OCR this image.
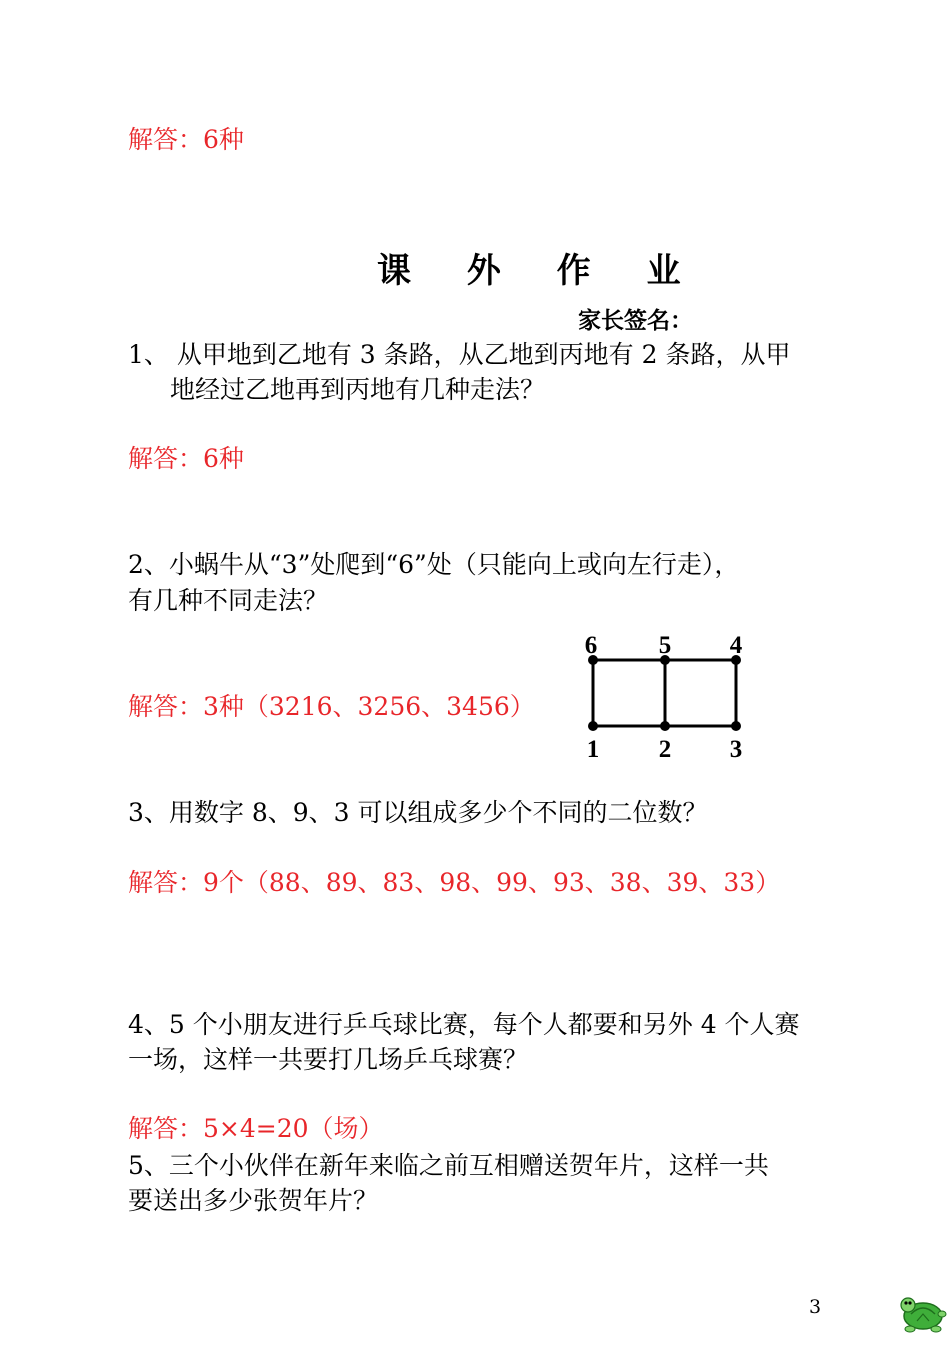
解答：6种
课 外 作 业
家长签名：
1、 从甲地到乙地有 3 条路，从乙地到丙地有 2 条路，从甲
地经过乙地再到丙地有几种走法？
解答：6种
2、小蜗牛从“3”处爬到“6”处（只能向上或向左行走），
有几种不同走法？
解答：3种（3216、3256、3456）
6 5 4
1 2 3
3、用数字 8、9、3 可以组成多少个不同的二位数？
解答：9个（88、89、83、98、99、93、38、39、33）
4、5 个小朋友进行乒乓球比赛，每个人都要和另外 4 个人赛
一场，这样一共要打几场乒乓球赛？
解答：5×4=20（场）
5、三个小伙伴在新年来临之前互相赠送贺年片，这样一共
要送出多少张贺年片？
3
